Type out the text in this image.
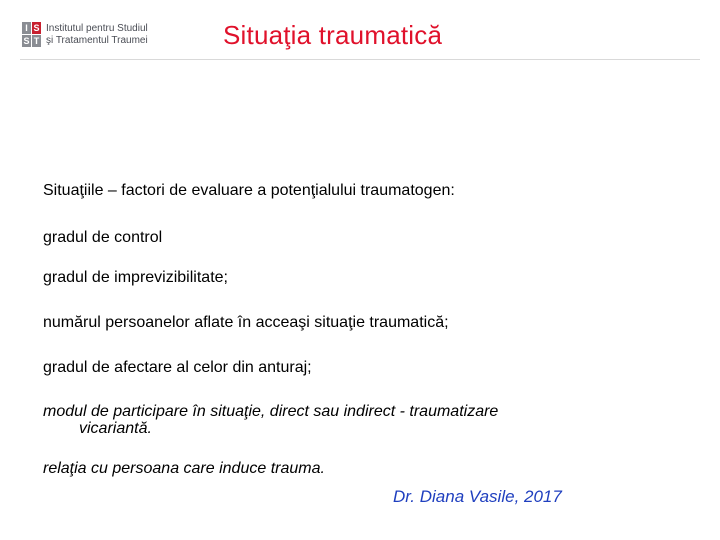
I S
S T
Institutul pentru Studiul
şi Tratamentul Traumei	Situaţia traumatică
Situaţiile – factori de evaluare a potenţialului traumatogen:
gradul de control
gradul de imprevizibilitate;
numărul persoanelor aflate în acceaşi situaţie traumatică;
gradul de afectare al celor din anturaj;
modul de participare în situaţie, direct sau indirect - traumatizare
vicariantă.
relaţia cu persoana care induce trauma.
Dr. Diana Vasile, 2017
